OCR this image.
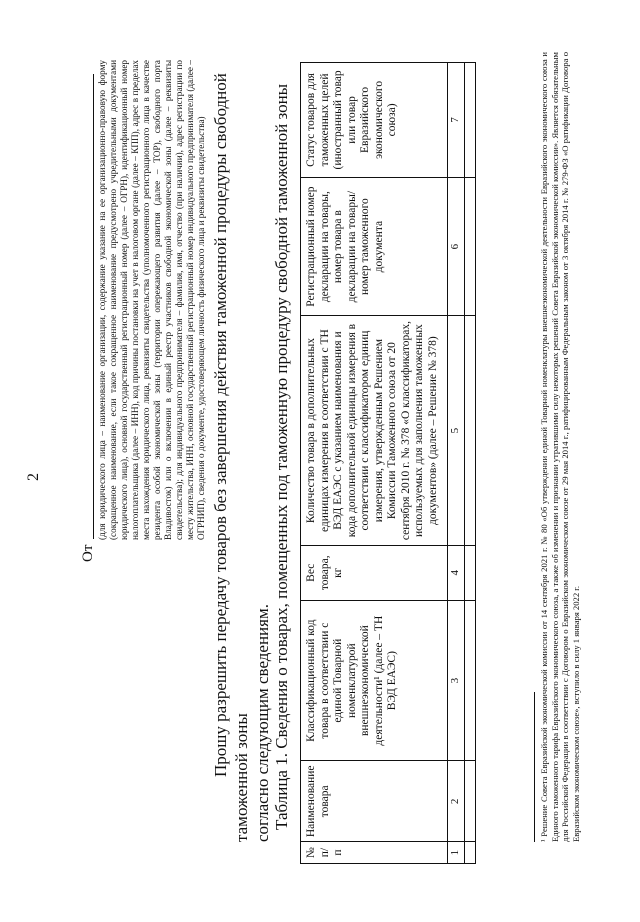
2
От
(для юридического лица – наименование организации, содержание указание на ее организационно-правовую форму (сокращенное наименование, если такое сокращенное наименование предусмотрено учредительными документами юридического лица), основной государственный регистрационный номер (далее – ОГРН), идентификационный номер налогоплательщика (далее – ИНН), код причины постановки на учет в налоговом органе (далее – КПП), адрес в пределах места нахождения юридического лица, реквизиты свидетельства (уполномоченного регистрационного лица в качестве резидента особой экономической зоны (территории опережающего развития (далее – ТОР), свободного порта Владивосток) или о включении в единый реестр участников свободной экономической зоны (далее – реквизиты свидетельства); для индивидуального предпринимателя – фамилия, имя, отчество (при наличии), адрес регистрации по месту жительства, ИНН, основной государственный регистрационный номер индивидуального предпринимателя (далее – ОГРНИП), сведения о документе, удостоверяющем личность физического лица и реквизиты свидетельства) Прошу разрешить передачу товаров без завершения действия таможенной процедуры свободной таможенной зоны согласно следующим сведениям. Таблица 1. Сведения о товарах, помещенных под таможенную процедуру свободной таможенной зоны
№ п/п	Наименование товара	Классификационный код товара в соответствии с единой Товарной номенклатурой внешнеэкономической деятельности¹ (далее – ТН ВЭД ЕАЭС)	Вес товара, кг	Количество товара в дополнительных единицах измерения в соответствии с ТН ВЭД ЕАЭС с указанием наименования и кода дополнительной единицы измерения в соответствии с классификатором единиц измерения, утвержденным Решением Комиссии Таможенного союза от 20 сентября 2010 г. № 378 «О классификаторах, используемых для заполнения таможенных документов» (далее – Решение № 378)	Регистрационный номер декларации на товары, номер товара в декларации на товары/номер таможенного документа	Статус товаров для таможенных целей (иностранный товар или товар Евразийского экономического союза)
1	2	3	4	5	6	7
							¹ Решение Совета Евразийской экономической комиссии от 14 сентября 2021 г. № 80 «Об утверждении единой Товарной номенклатуры внешнеэкономической деятельности Евразийского экономического союза и Единого таможенного тарифа Евразийского экономического союза, а также об изменении и признании утратившими силу некоторых решений Совета Евразийской экономической комиссии». Является обязательным для Российской Федерации в соответствии с Договором о Евразийском экономическом союзе от 29 мая 2014 г., ратифицированным Федеральным законом от 3 октября 2014 г. № 279-ФЗ «О ратификации Договора о Евразийском экономическом союзе», вступило в силу 1 января 2022 г.
